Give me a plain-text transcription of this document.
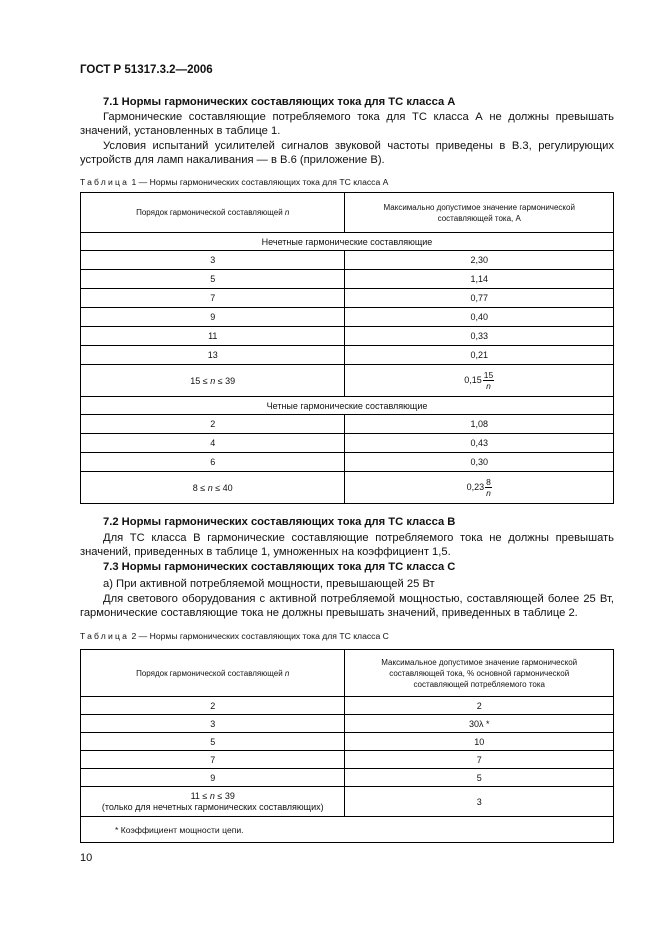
ГОСТ Р 51317.3.2—2006
7.1 Нормы гармонических составляющих тока для ТС класса А
Гармонические составляющие потребляемого тока для ТС класса А не должны превышать значений, установленных в таблице 1.
Условия испытаний усилителей сигналов звуковой частоты приведены в В.3, регулирующих устройств для ламп накаливания — в В.6 (приложение В).
Таблица 1 — Нормы гармонических составляющих тока для ТС класса А
Порядок гармонической составляющей n	Максимально допустимое значение гармонической составляющей тока, А
Нечетные гармонические составляющие	
3	2,30
5	1,14
7	0,77
9	0,40
11	0,33
13	0,21
15 ≤ n ≤ 39	$0,15 \frac{15}{n}$

Четные гармонические составляющие	
2	1,08
4	0,43
6	0,30
8 ≤ n ≤ 40	$0,23 \frac{8}{n}$
7.2 Нормы гармонических составляющих тока для ТС класса В
Для ТС класса В гармонические составляющие потребляемого тока не должны превышать значений, приведенных в таблице 1, умноженных на коэффициент 1,5.
7.3 Нормы гармонических составляющих тока для ТС класса С
а) При активной потребляемой мощности, превышающей 25 Вт
Для светового оборудования с активной потребляемой мощностью, составляющей более 25 Вт, гармонические составляющие тока не должны превышать значений, приведенных в таблице 2.
Таблица 2 — Нормы гармонических составляющих тока для ТС класса С
Порядок гармонической составляющей n	Максимальное допустимое значение гармонической составляющей тока, % основной гармонической составляющей потребляемого тока
2	2
3	30λ *
5	10
7	7
9	5
11 ≤ n ≤ 39
(только для нечетных гармонических составляющих)	3
* Коэффициент мощности цепи.	
10
